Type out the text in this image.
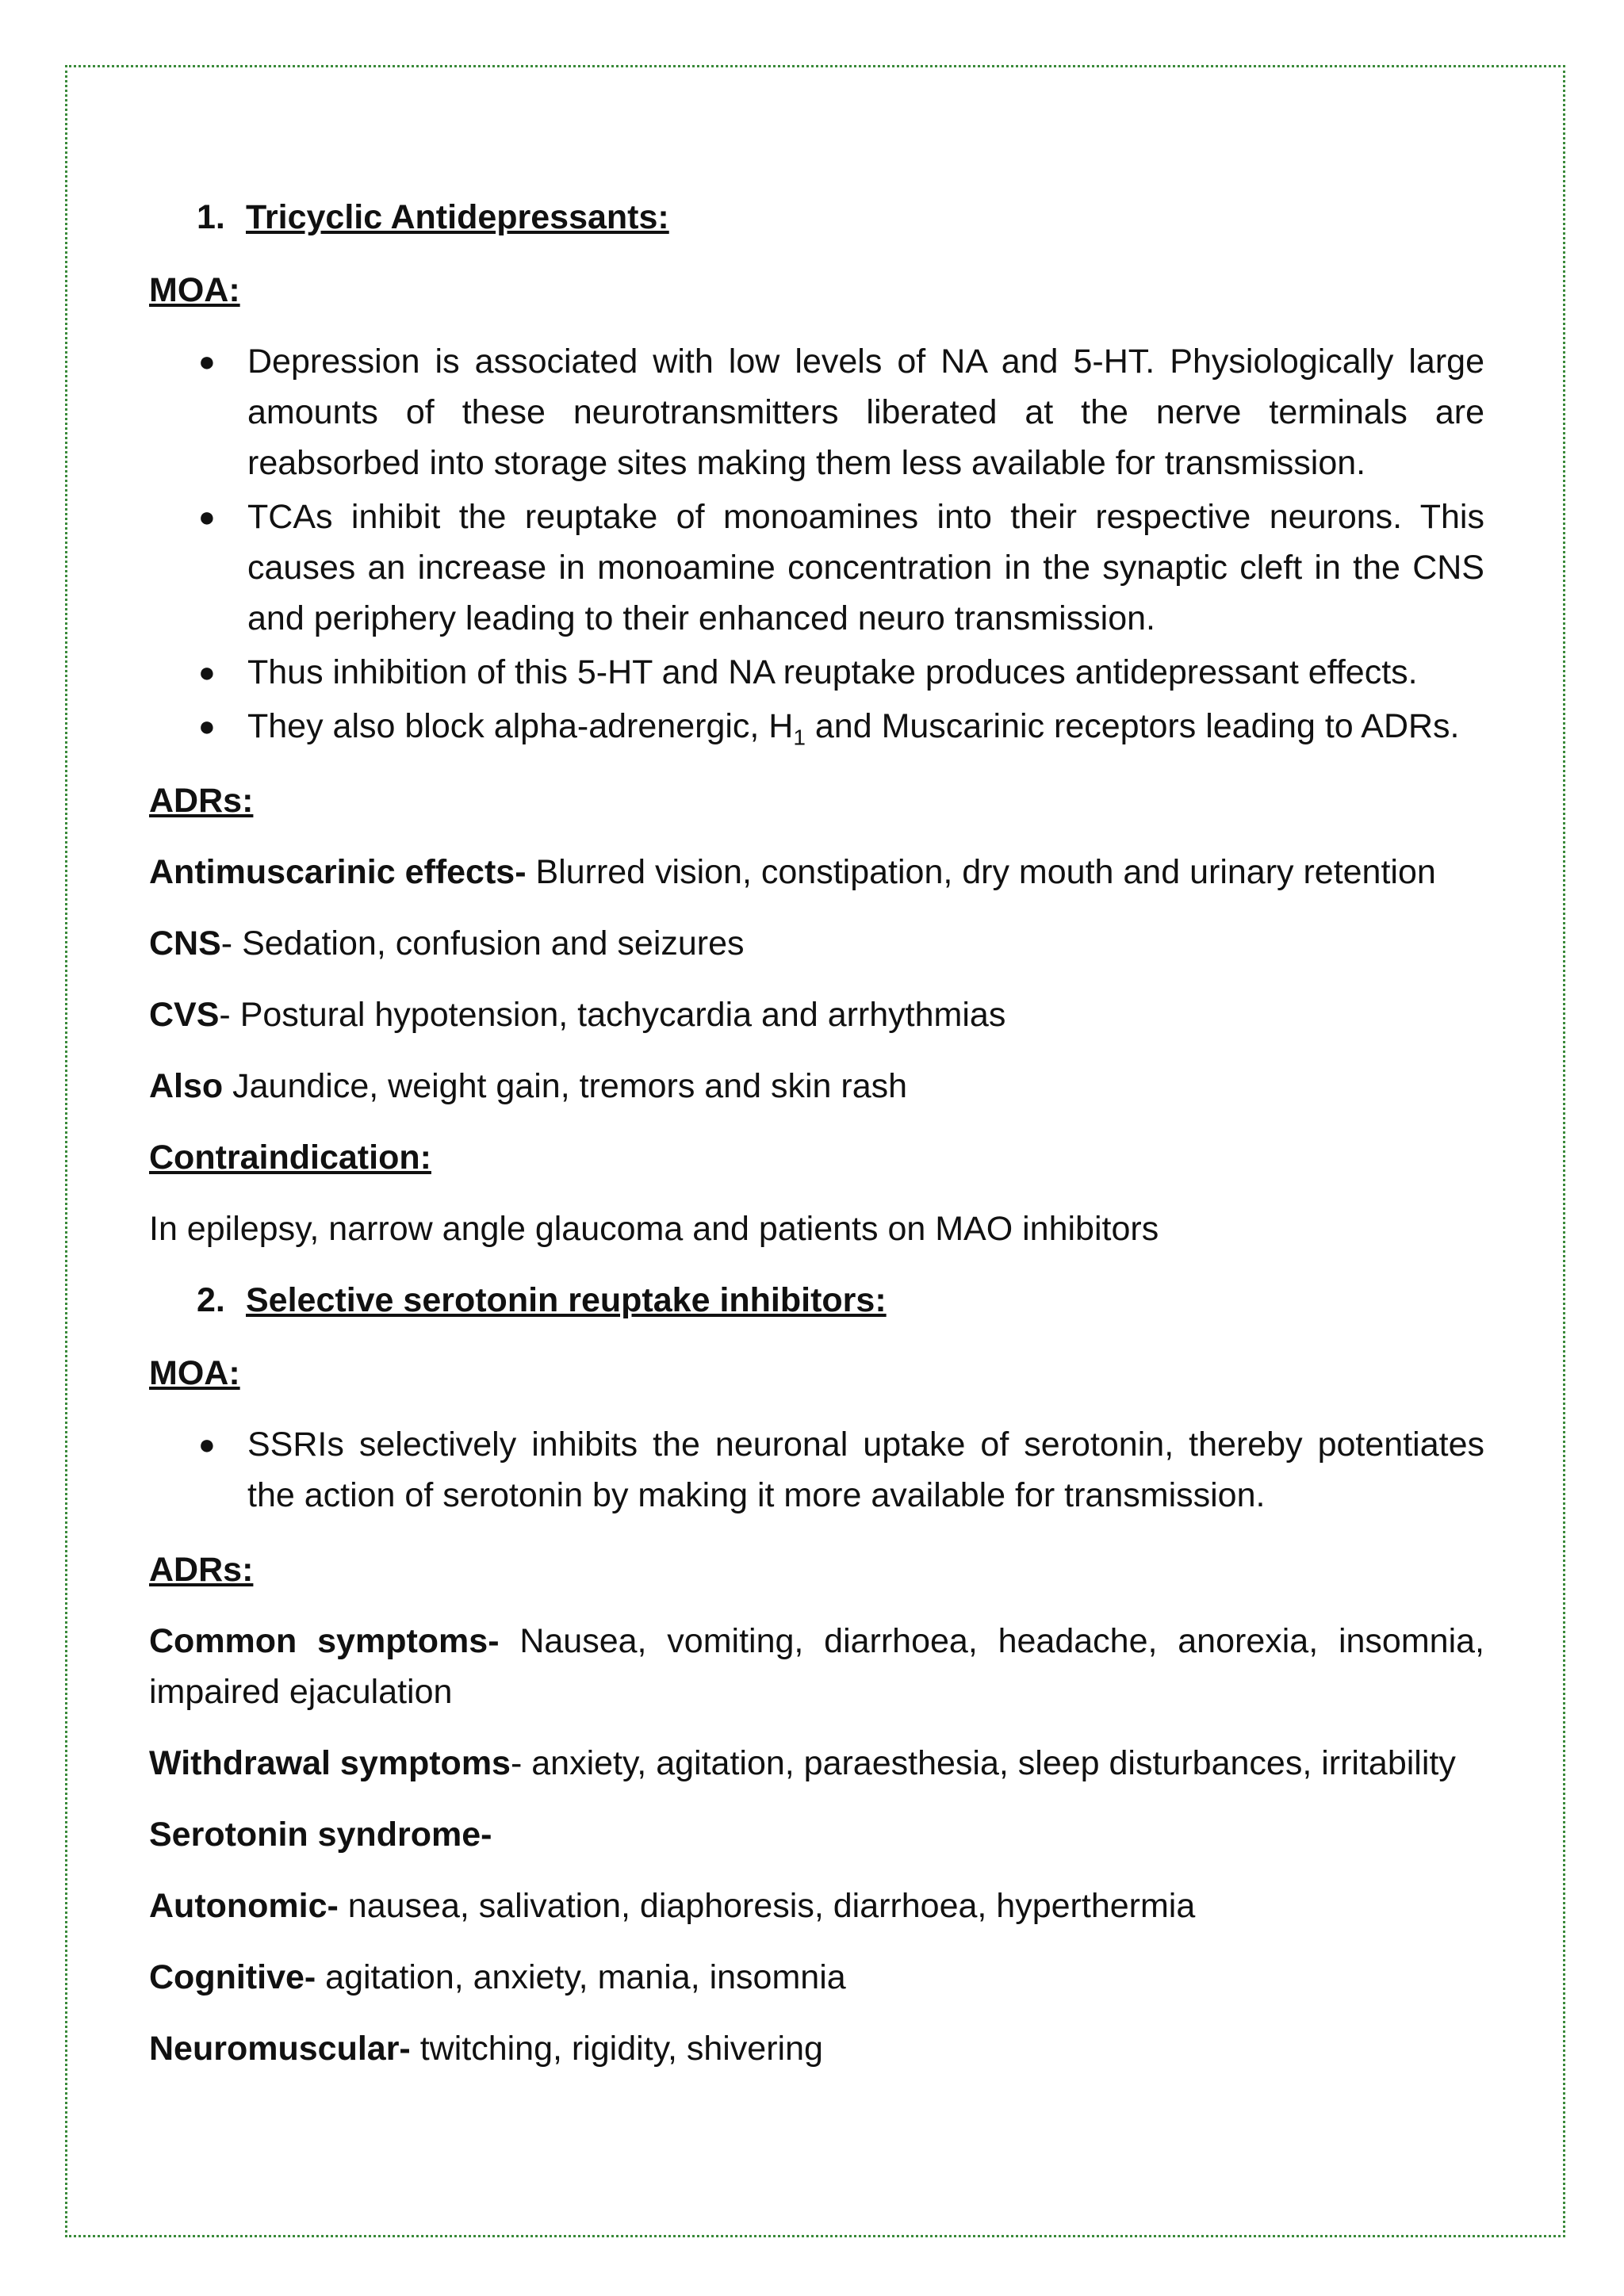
1. Tricyclic Antidepressants:
MOA:
● Depression is associated with low levels of NA and 5-HT. Physiologically large amounts of these neurotransmitters liberated at the nerve terminals are reabsorbed into storage sites making them less available for transmission.
● TCAs inhibit the reuptake of monoamines into their respective neurons. This causes an increase in monoamine concentration in the synaptic cleft in the CNS and periphery leading to their enhanced neuro transmission.
● Thus inhibition of this 5-HT and NA reuptake produces antidepressant effects.
● They also block alpha-adrenergic, $H_1$ and Muscarinic receptors leading to ADRs.
ADRs:

Antimuscarinic effects- Blurred vision, constipation, dry mouth and urinary retention

CNS- Sedation, confusion and seizures

CVS- Postural hypotension, tachycardia and arrhythmias

Also Jaundice, weight gain, tremors and skin rash

Contraindication:

In epilepsy, narrow angle glaucoma and patients on MAO inhibitors

2. Selective serotonin reuptake inhibitors:
MOA:
● SSRIs selectively inhibits the neuronal uptake of serotonin, thereby potentiates the action of serotonin by making it more available for transmission.
ADRs:

Common symptoms- Nausea, vomiting, diarrhoea, headache, anorexia, insomnia, impaired ejaculation

Withdrawal symptoms- anxiety, agitation, paraesthesia, sleep disturbances, irritability

Serotonin syndrome-

Autonomic- nausea, salivation, diaphoresis, diarrhoea, hyperthermia

Cognitive- agitation, anxiety, mania, insomnia

Neuromuscular- twitching, rigidity, shivering
